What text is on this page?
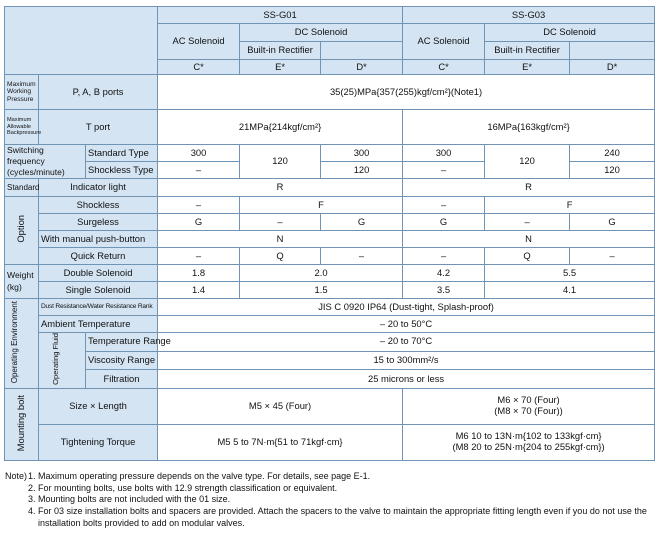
			SS-G01			SS-G03		
			AC Solenoid	DC Solenoid		AC Solenoid	DC Solenoid	
				Built-in Rectifier			Built-in Rectifier	
			C*	E*	D*	C*	E*	D*
Maximum Working Pressure	P, A, B ports		35(25)MPa{357(255)kgf/cm²}(Note1)					
Maximum Allowable Backpressure	T port		21MPa{214kgf/cm²}			16MPa{163kgf/cm²}		
Switching frequency (cycles/minute)		Standard Type	300	120	300	300	120	240
		Shockless Type	–		120	–		120
Standard	Indicator light		R			R		
Option	Shockless		–	F		–	F	
	Surgeless		G	–	G	G	–	G
	With manual push-button		N			N		
	Quick Return		–	Q	–	–	Q	–
Weight (kg)	Double Solenoid		1.8	2.0		4.2	5.5	
	Single Solenoid		1.4	1.5		3.5	4.1	
Operating Environment	Dust Resistance/Water Resistance Rank		JIS C 0920 IP64 (Dust-tight, Splash-proof)					
	Ambient Temperature		– 20 to 50°C					
	Operating Fluid	Temperature Range	– 20 to 70°C					
		Viscosity Range	15 to 300mm²/s					
		Filtration	25 microns or less					
Mounting bolt	Size × Length		M5 × 45 (Four)			M6 × 70 (Four)
(M8 × 70 (Four))		

	Tightening Torque		M5 5 to 7N·m{51 to 71kgf·cm}			M6 10 to 13N·m{102 to 133kgf·cm}
(M8 20 to 25N·m{204 to 255kgf·cm})		
Note) 1. Maximum operating pressure depends on the valve type. For details, see page E-1.
2. For mounting bolts, use bolts with 12.9 strength classification or equivalent.
3. Mounting bolts are not included with the 01 size.
4. For 03 size installation bolts and spacers are provided. Attach the spacers to the valve to maintain the appropriate fitting length even if you do not use the installation bolts provided to add on modular valves.
